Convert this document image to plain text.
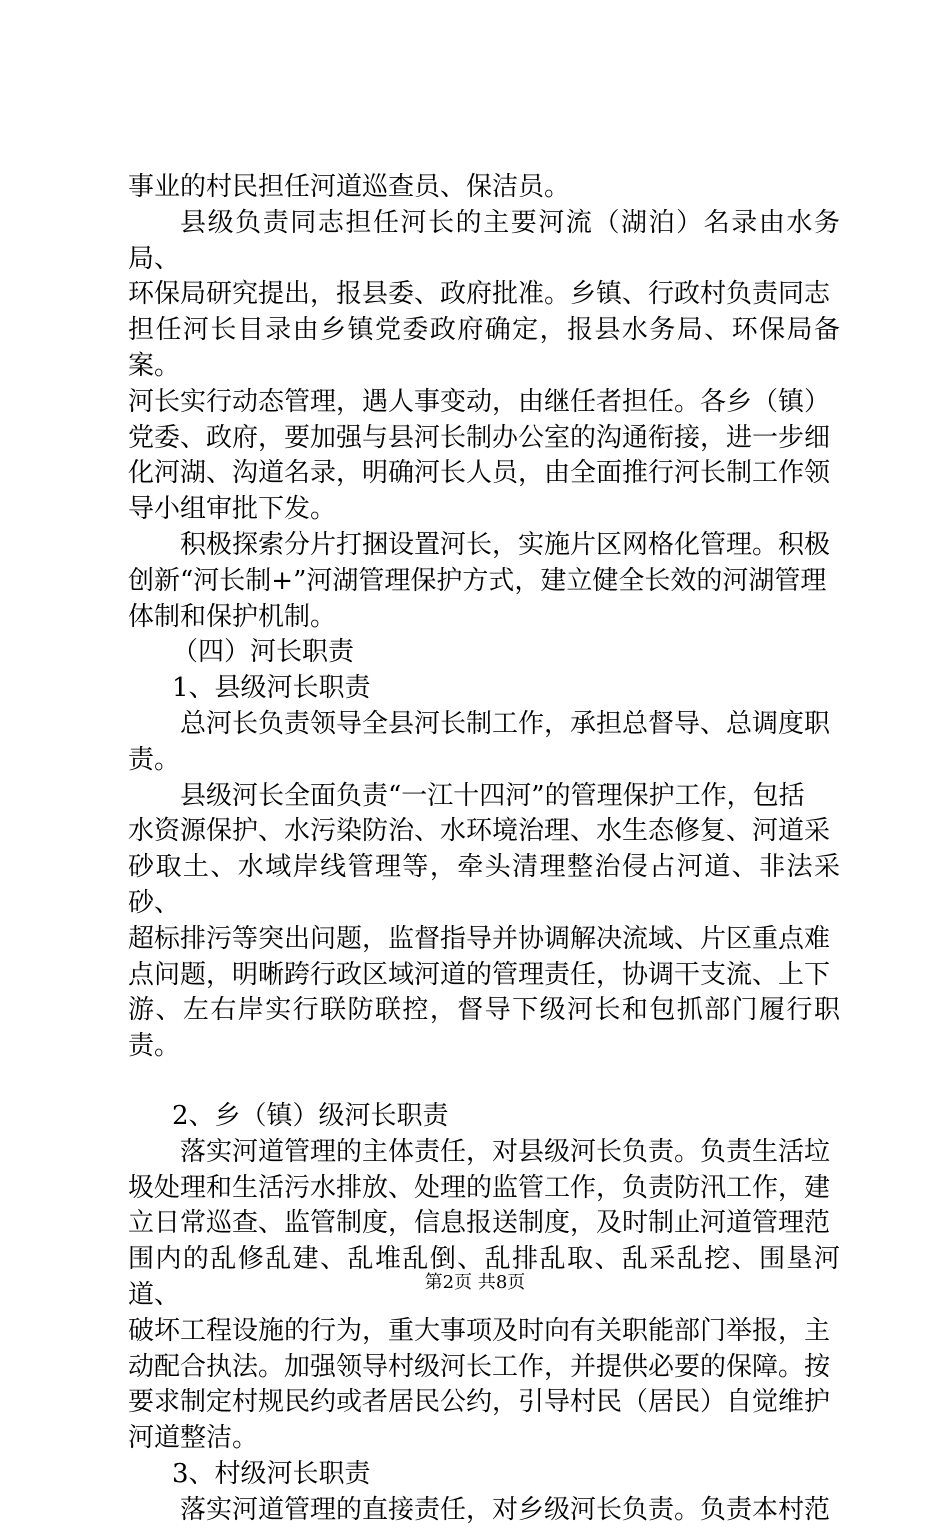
事业的村民担任河道巡查员、保洁员。
县级负责同志担任河长的主要河流（湖泊）名录由水务局、
环保局研究提出，报县委、政府批准。乡镇、行政村负责同志
担任河长目录由乡镇党委政府确定，报县水务局、环保局备案。
河长实行动态管理，遇人事变动，由继任者担任。各乡（镇）
党委、政府，要加强与县河长制办公室的沟通衔接，进一步细
化河湖、沟道名录，明确河长人员，由全面推行河长制工作领
导小组审批下发。
积极探索分片打捆设置河长，实施片区网格化管理。积极
创新“河长制+”河湖管理保护方式，建立健全长效的河湖管理
体制和保护机制。
（四）河长职责
1、县级河长职责
总河长负责领导全县河长制工作，承担总督导、总调度职
责。
县级河长全面负责“一江十四河”的管理保护工作，包括
水资源保护、水污染防治、水环境治理、水生态修复、河道采
砂取土、水域岸线管理等，牵头清理整治侵占河道、非法采砂、
超标排污等突出问题，监督指导并协调解决流域、片区重点难
点问题，明晰跨行政区域河道的管理责任，协调干支流、上下
游、左右岸实行联防联控，督导下级河长和包抓部门履行职责。
2、乡（镇）级河长职责
落实河道管理的主体责任，对县级河长负责。负责生活垃
圾处理和生活污水排放、处理的监管工作，负责防汛工作，建
立日常巡查、监管制度，信息报送制度，及时制止河道管理范
围内的乱修乱建、乱堆乱倒、乱排乱取、乱采乱挖、围垦河道、
破坏工程设施的行为，重大事项及时向有关职能部门举报，主
动配合执法。加强领导村级河长工作，并提供必要的保障。按
要求制定村规民约或者居民公约，引导村民（居民）自觉维护
河道整洁。
3、村级河长职责
落实河道管理的直接责任，对乡级河长负责。负责本村范
第2页 共8页
